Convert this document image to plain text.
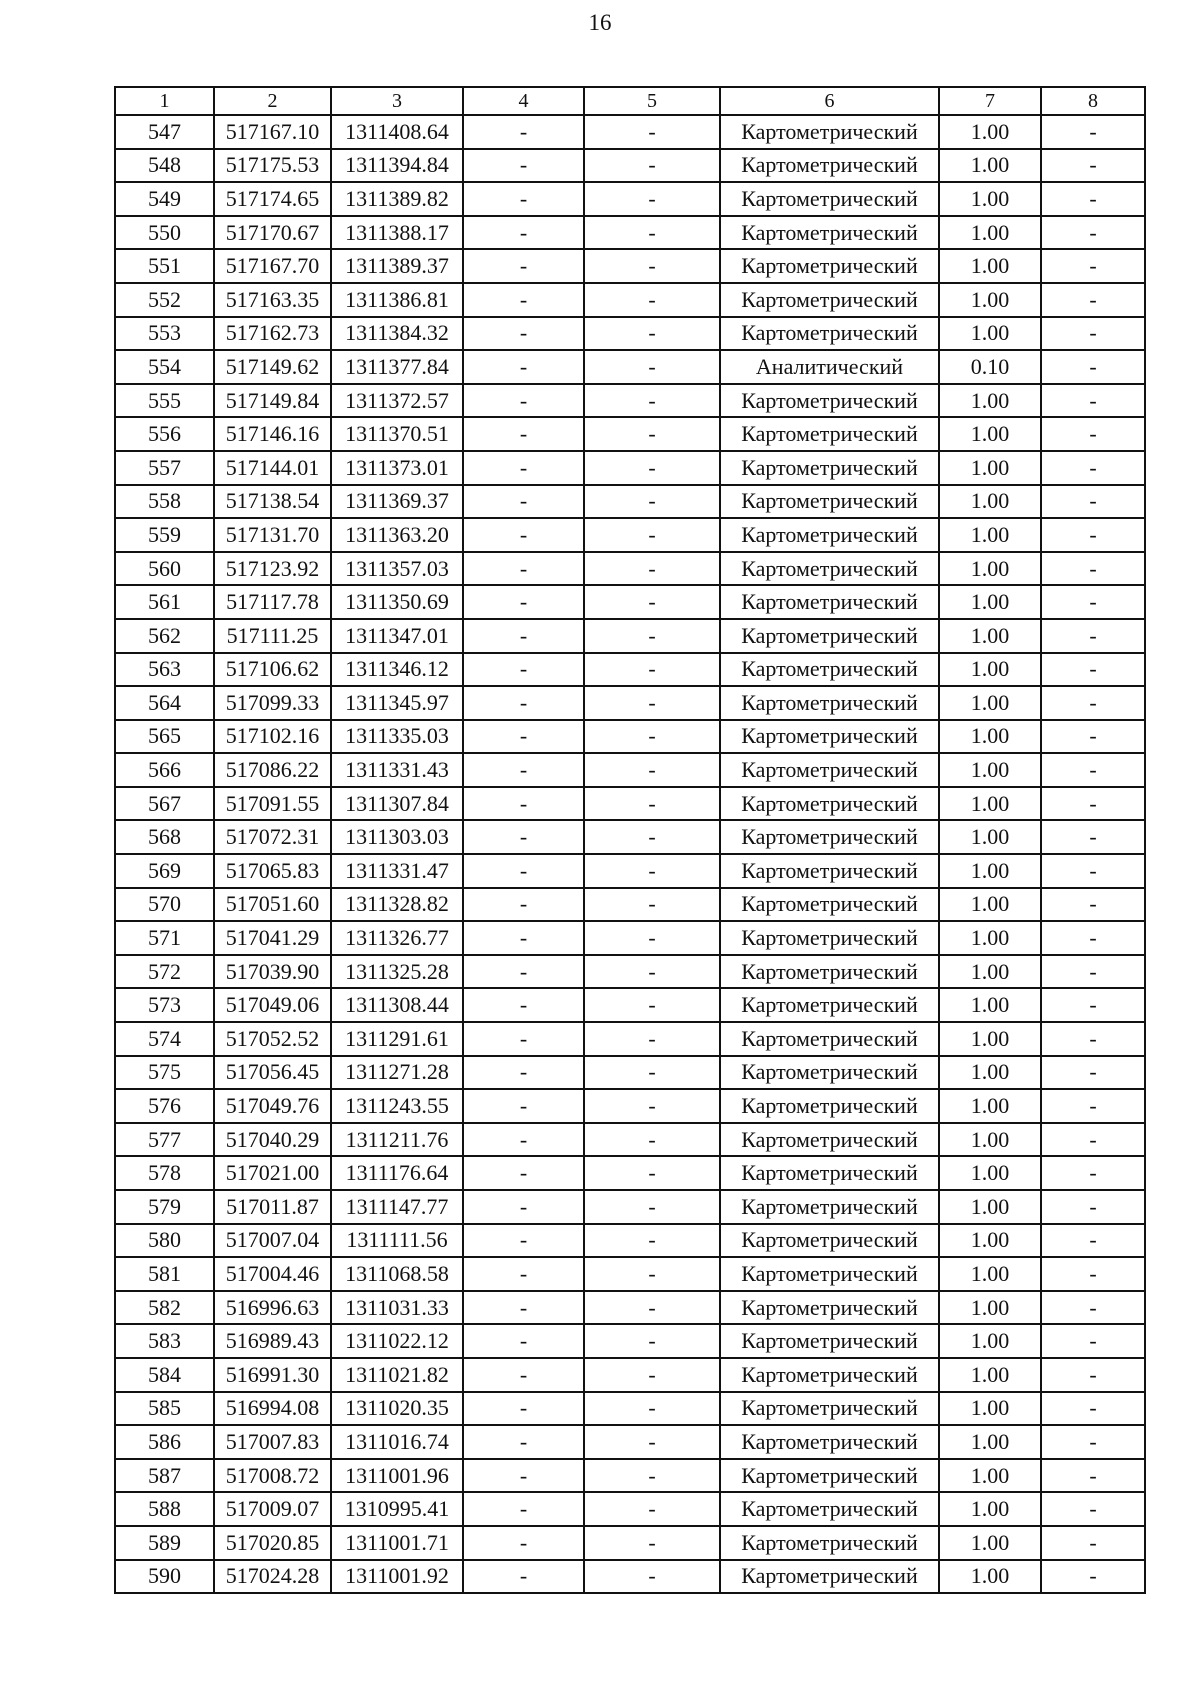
16
1	2	3	4	5	6	7	8
547	517167.10	1311408.64	-	-	Картометрический	1.00	-
548	517175.53	1311394.84	-	-	Картометрический	1.00	-
549	517174.65	1311389.82	-	-	Картометрический	1.00	-
550	517170.67	1311388.17	-	-	Картометрический	1.00	-
551	517167.70	1311389.37	-	-	Картометрический	1.00	-
552	517163.35	1311386.81	-	-	Картометрический	1.00	-
553	517162.73	1311384.32	-	-	Картометрический	1.00	-
554	517149.62	1311377.84	-	-	Аналитический	0.10	-
555	517149.84	1311372.57	-	-	Картометрический	1.00	-
556	517146.16	1311370.51	-	-	Картометрический	1.00	-
557	517144.01	1311373.01	-	-	Картометрический	1.00	-
558	517138.54	1311369.37	-	-	Картометрический	1.00	-
559	517131.70	1311363.20	-	-	Картометрический	1.00	-
560	517123.92	1311357.03	-	-	Картометрический	1.00	-
561	517117.78	1311350.69	-	-	Картометрический	1.00	-
562	517111.25	1311347.01	-	-	Картометрический	1.00	-
563	517106.62	1311346.12	-	-	Картометрический	1.00	-
564	517099.33	1311345.97	-	-	Картометрический	1.00	-
565	517102.16	1311335.03	-	-	Картометрический	1.00	-
566	517086.22	1311331.43	-	-	Картометрический	1.00	-
567	517091.55	1311307.84	-	-	Картометрический	1.00	-
568	517072.31	1311303.03	-	-	Картометрический	1.00	-
569	517065.83	1311331.47	-	-	Картометрический	1.00	-
570	517051.60	1311328.82	-	-	Картометрический	1.00	-
571	517041.29	1311326.77	-	-	Картометрический	1.00	-
572	517039.90	1311325.28	-	-	Картометрический	1.00	-
573	517049.06	1311308.44	-	-	Картометрический	1.00	-
574	517052.52	1311291.61	-	-	Картометрический	1.00	-
575	517056.45	1311271.28	-	-	Картометрический	1.00	-
576	517049.76	1311243.55	-	-	Картометрический	1.00	-
577	517040.29	1311211.76	-	-	Картометрический	1.00	-
578	517021.00	1311176.64	-	-	Картометрический	1.00	-
579	517011.87	1311147.77	-	-	Картометрический	1.00	-
580	517007.04	1311111.56	-	-	Картометрический	1.00	-
581	517004.46	1311068.58	-	-	Картометрический	1.00	-
582	516996.63	1311031.33	-	-	Картометрический	1.00	-
583	516989.43	1311022.12	-	-	Картометрический	1.00	-
584	516991.30	1311021.82	-	-	Картометрический	1.00	-
585	516994.08	1311020.35	-	-	Картометрический	1.00	-
586	517007.83	1311016.74	-	-	Картометрический	1.00	-
587	517008.72	1311001.96	-	-	Картометрический	1.00	-
588	517009.07	1310995.41	-	-	Картометрический	1.00	-
589	517020.85	1311001.71	-	-	Картометрический	1.00	-
590	517024.28	1311001.92	-	-	Картометрический	1.00	-
